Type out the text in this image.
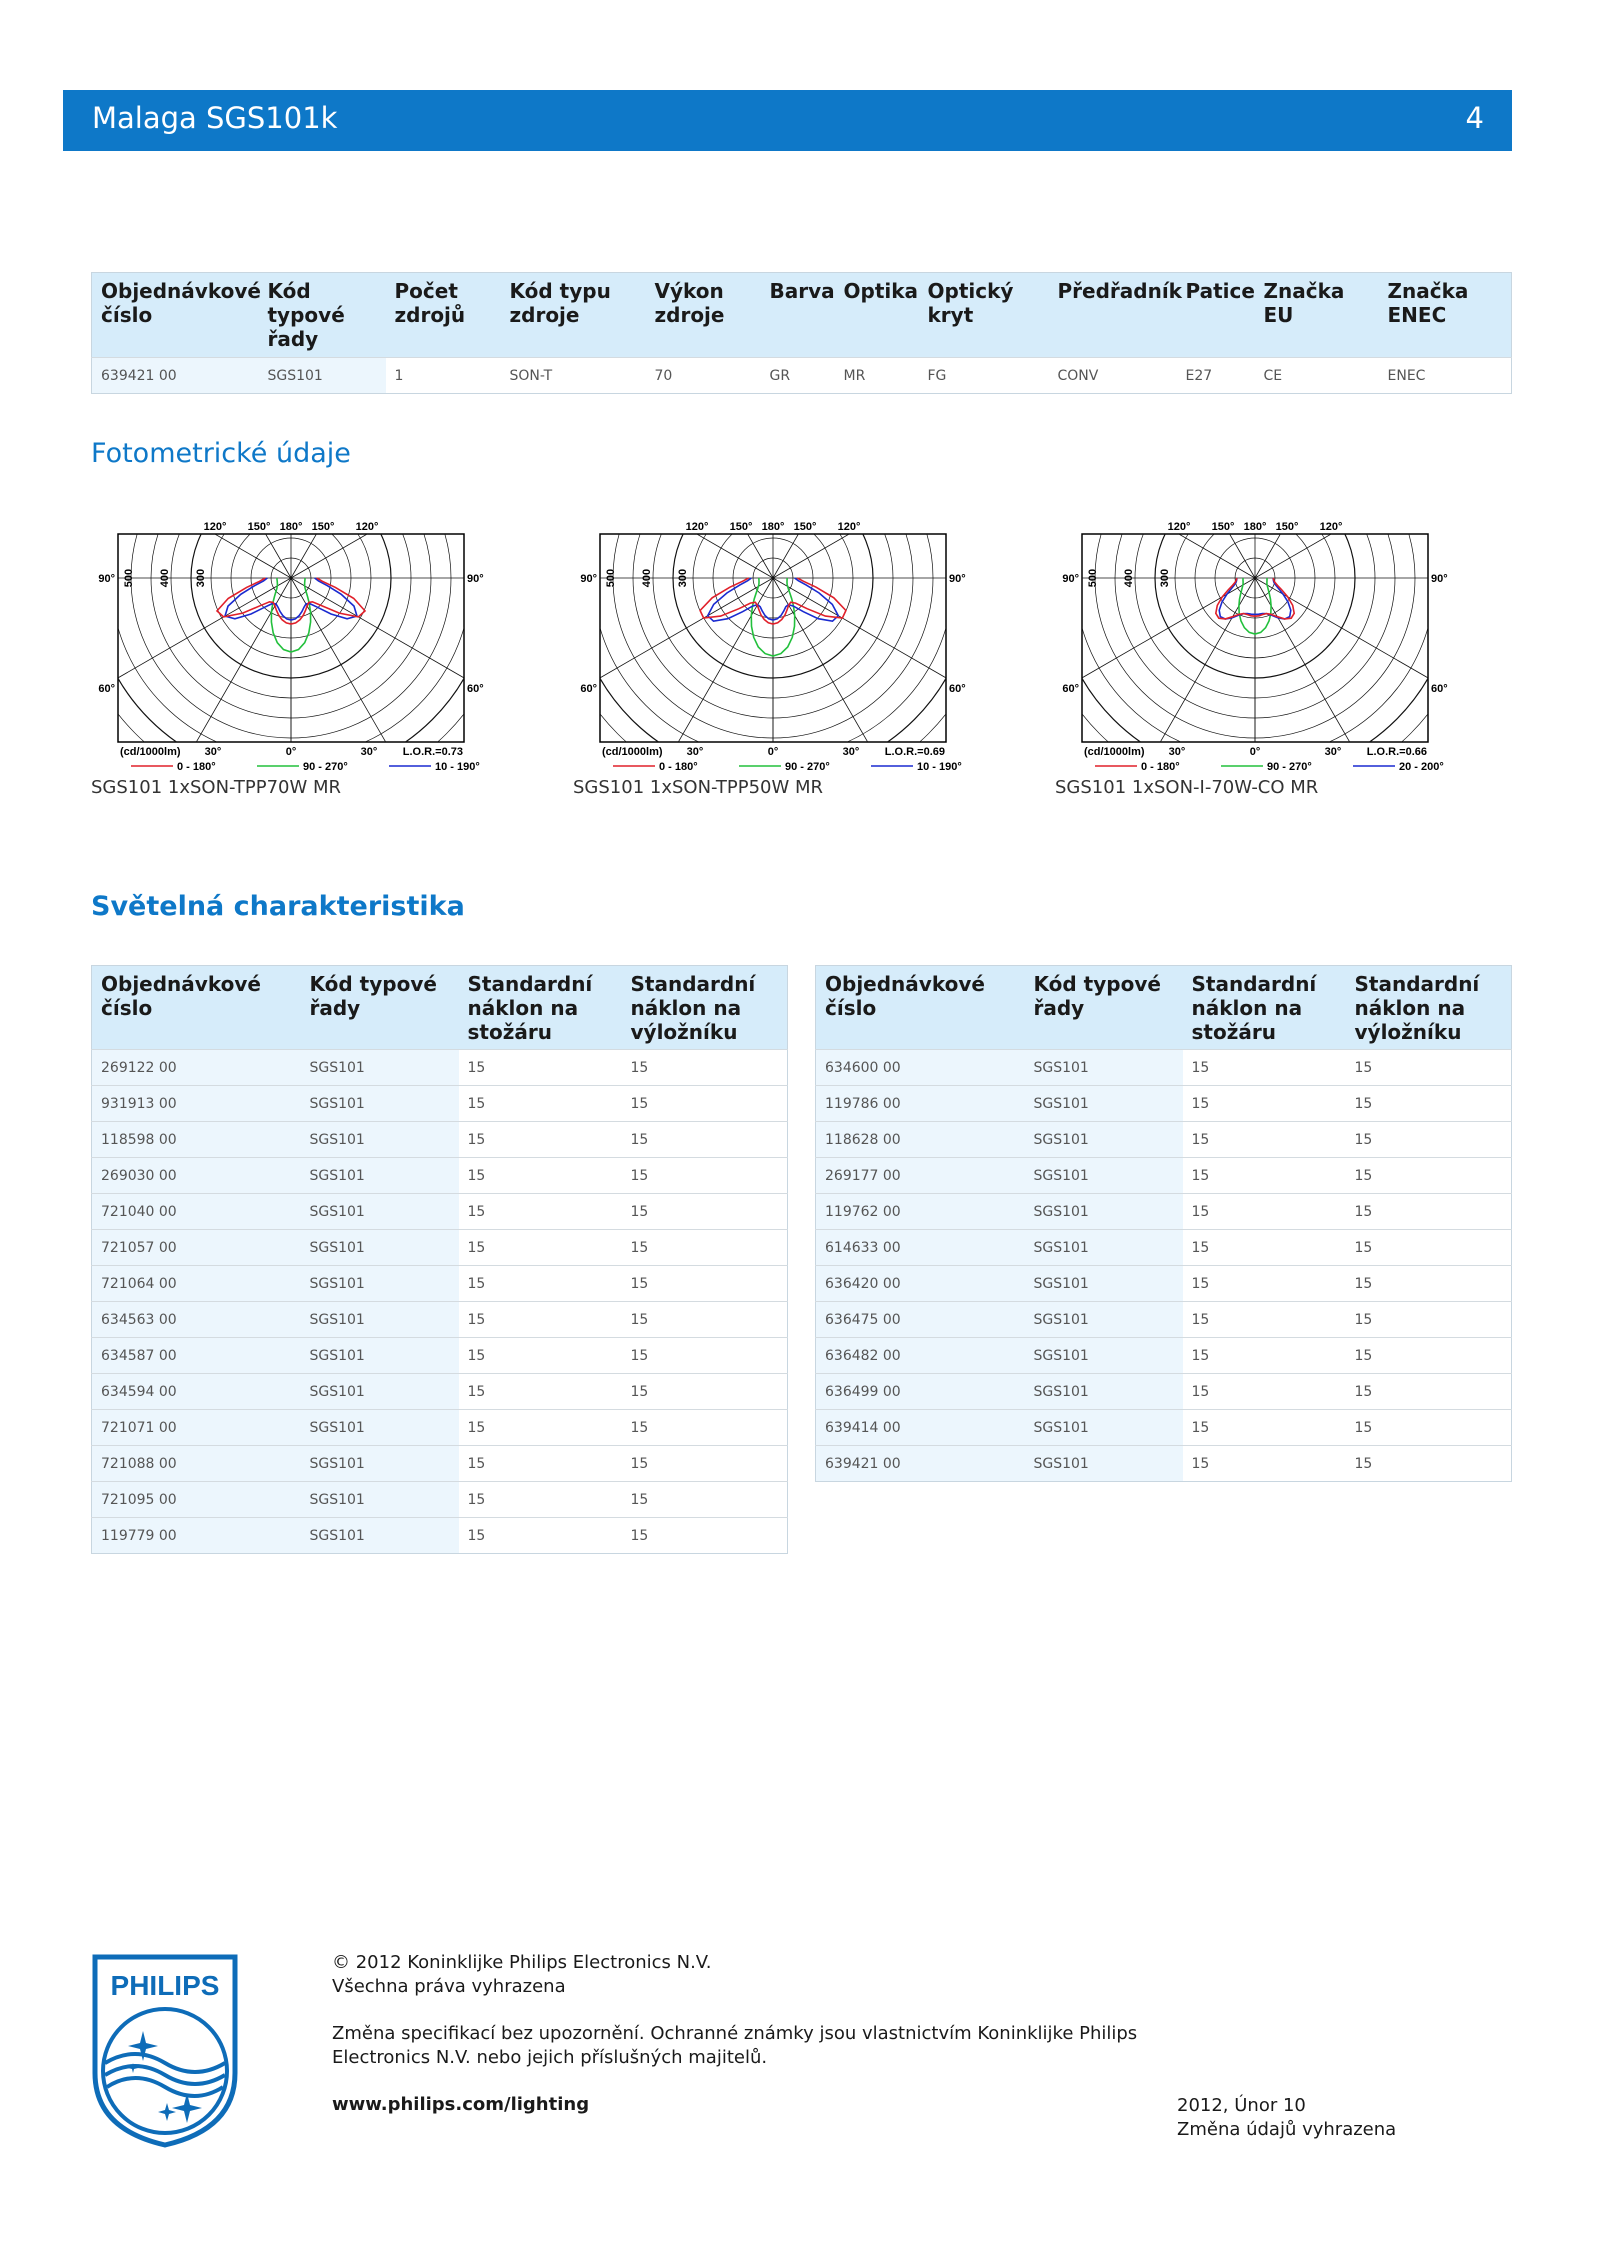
Malaga SGS101k	4
Objednávkové číslo	Kód typové řady	Počet zdrojů	Kód typu zdroje	Výkon zdroje	Barva	Optika	Optický kryt	Předřadník	Patice	Značka EU	Značka ENEC
639421 00	SGS101	1	SON-T	70	GR	MR	FG	CONV	E27	CE	ENEC
Fotometrické údaje
120° 150° 180° 150° 120°
90°	90°
60°	60°
500 400 300
(cd/1000lm) 30°	0°	30° L.O.R.=0.73
0 - 180°	90 - 270°	10 - 190°
120° 150° 180° 150° 120°
90°	90°
60°	60°
500 400 300
(cd/1000lm) 30°	0°	30° L.O.R.=0.69
0 - 180°	90 - 270°	10 - 190°
120° 150° 180° 150° 120°
90°	90°
60°	60°
500 400 300
(cd/1000lm) 30°	0°	30° L.O.R.=0.66
0 - 180°	90 - 270°	20 - 200°
SGS101 1xSON-TPP70W MR	SGS101 1xSON-TPP50W MR	SGS101 1xSON-I-70W-CO MR
Světelná charakteristika
Objednávkové číslo	Kód typové řady	Standardní náklon na stožáru	Standardní náklon na výložníku
269122 00	SGS101	15	15
931913 00	SGS101	15	15
118598 00	SGS101	15	15
269030 00	SGS101	15	15
721040 00	SGS101	15	15
721057 00	SGS101	15	15
721064 00	SGS101	15	15
634563 00	SGS101	15	15
634587 00	SGS101	15	15
634594 00	SGS101	15	15
721071 00	SGS101	15	15
721088 00	SGS101	15	15
721095 00	SGS101	15	15
119779 00	SGS101	15	15
Objednávkové číslo	Kód typové řady	Standardní náklon na stožáru	Standardní náklon na výložníku
634600 00	SGS101	15	15
119786 00	SGS101	15	15
118628 00	SGS101	15	15
269177 00	SGS101	15	15
119762 00	SGS101	15	15
614633 00	SGS101	15	15
636420 00	SGS101	15	15
636475 00	SGS101	15	15
636482 00	SGS101	15	15
636499 00	SGS101	15	15
639414 00	SGS101	15	15
639421 00	SGS101	15	15
PHILIPS
© 2012 Koninklijke Philips Electronics N.V.
Všechna práva vyhrazena
Změna specifikací bez upozornění. Ochranné známky jsou vlastnictvím Koninklijke Philips
Electronics N.V. nebo jejich příslušných majitelů.
www.philips.com/lighting	2012, Únor 10
Změna údajů vyhrazena
